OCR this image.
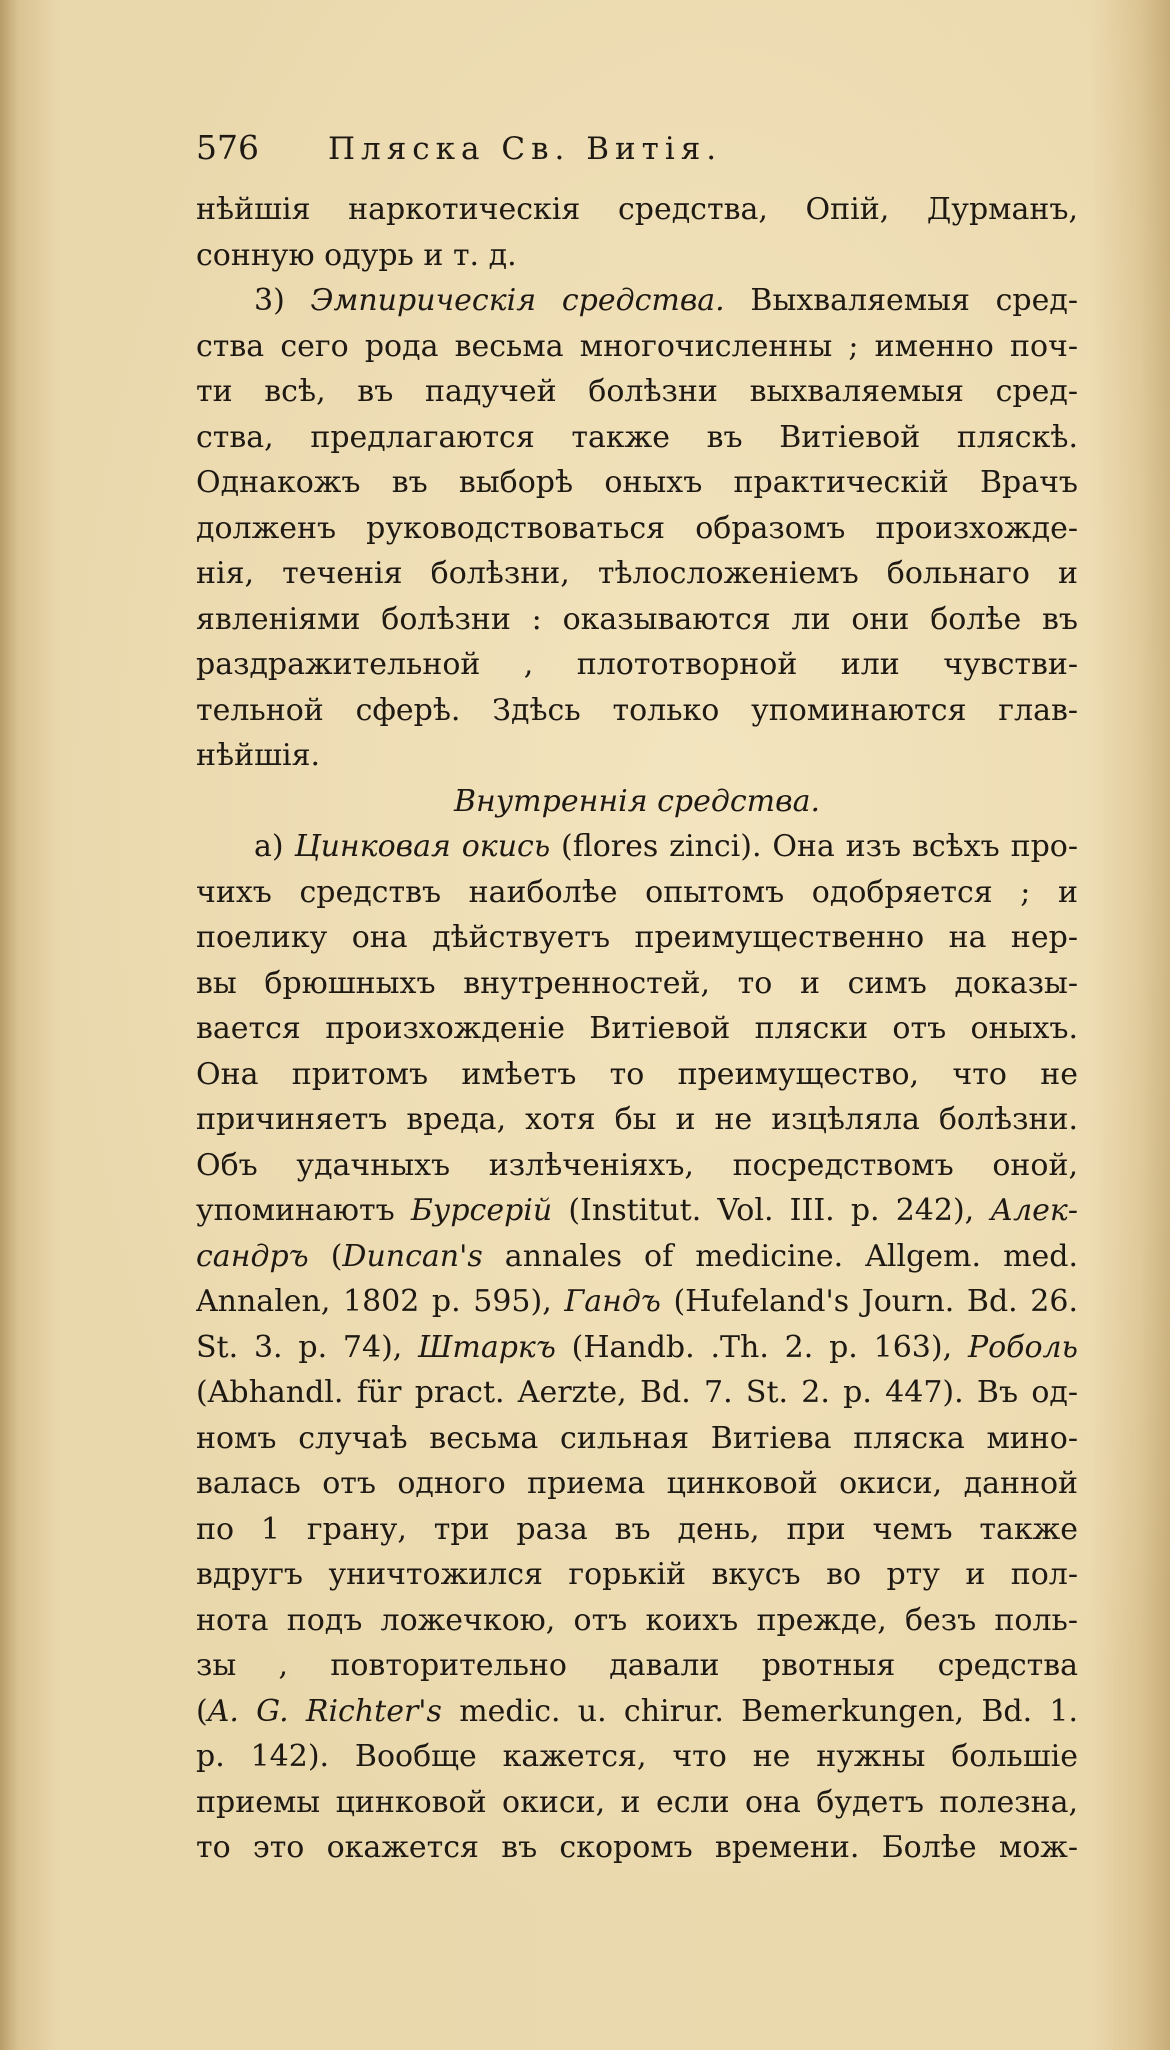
576	Пляска Св. Витія.
нѣйшія наркотическія средства, Опій, Дурманъ,
сонную одурь и т. д.
3) Эмпирическія средства. Выхваляемыя сред-
ства сего рода весьма многочисленны ; именно поч-
ти всѣ, въ падучей болѣзни выхваляемыя сред-
ства, предлагаются также въ Витіевой пляскѣ.
Однакожъ въ выборѣ оныхъ практическій Врачъ
долженъ руководствоваться образомъ произхожде-
нія, теченія болѣзни, тѣлосложеніемъ больнаго и
явленіями болѣзни : оказываются ли они болѣе въ
раздражительной , плототворной или чувстви-
тельной сферѣ. Здѣсь только упоминаются глав-
нѣйшія.
Внутреннія средства.
a) Цинковая окись (flores zinci). Она изъ всѣхъ про-
чихъ средствъ наиболѣе опытомъ одобряется ; и
поелику она дѣйствуетъ преимущественно на нер-
вы брюшныхъ внутренностей, то и симъ доказы-
вается произхожденіе Витіевой пляски отъ оныхъ.
Она притомъ имѣетъ то преимущество, что не
причиняетъ вреда, хотя бы и не изцѣляла болѣзни.
Объ удачныхъ излѣченіяхъ, посредствомъ оной,
упоминаютъ Бурсерій (Institut. Vol. III. p. 242), Алек-
сандръ (Duncan's annales of medicine. Allgem. med.
Annalen, 1802 p. 595), Гандъ (Hufeland's Journ. Bd. 26.
St. 3. p. 74), Штаркъ (Handb. .Th. 2. p. 163), Роболь
(Abhandl. für pract. Aerzte, Bd. 7. St. 2. p. 447). Въ од-
номъ случаѣ весьма сильная Витіева пляска мино-
валась отъ одного приема цинковой окиси, данной
по 1 грану, три раза въ день, при чемъ также
вдругъ уничтожился горькій вкусъ во рту и пол-
нота подъ ложечкою, отъ коихъ прежде, безъ поль-
зы , повторительно давали рвотныя средства
(A. G. Richter's medic. u. chirur. Bemerkungen, Bd. 1.
p. 142). Вообще кажется, что не нужны большіе
приемы цинковой окиси, и если она будетъ полезна,
то это окажется въ скоромъ времени. Болѣе мож-
